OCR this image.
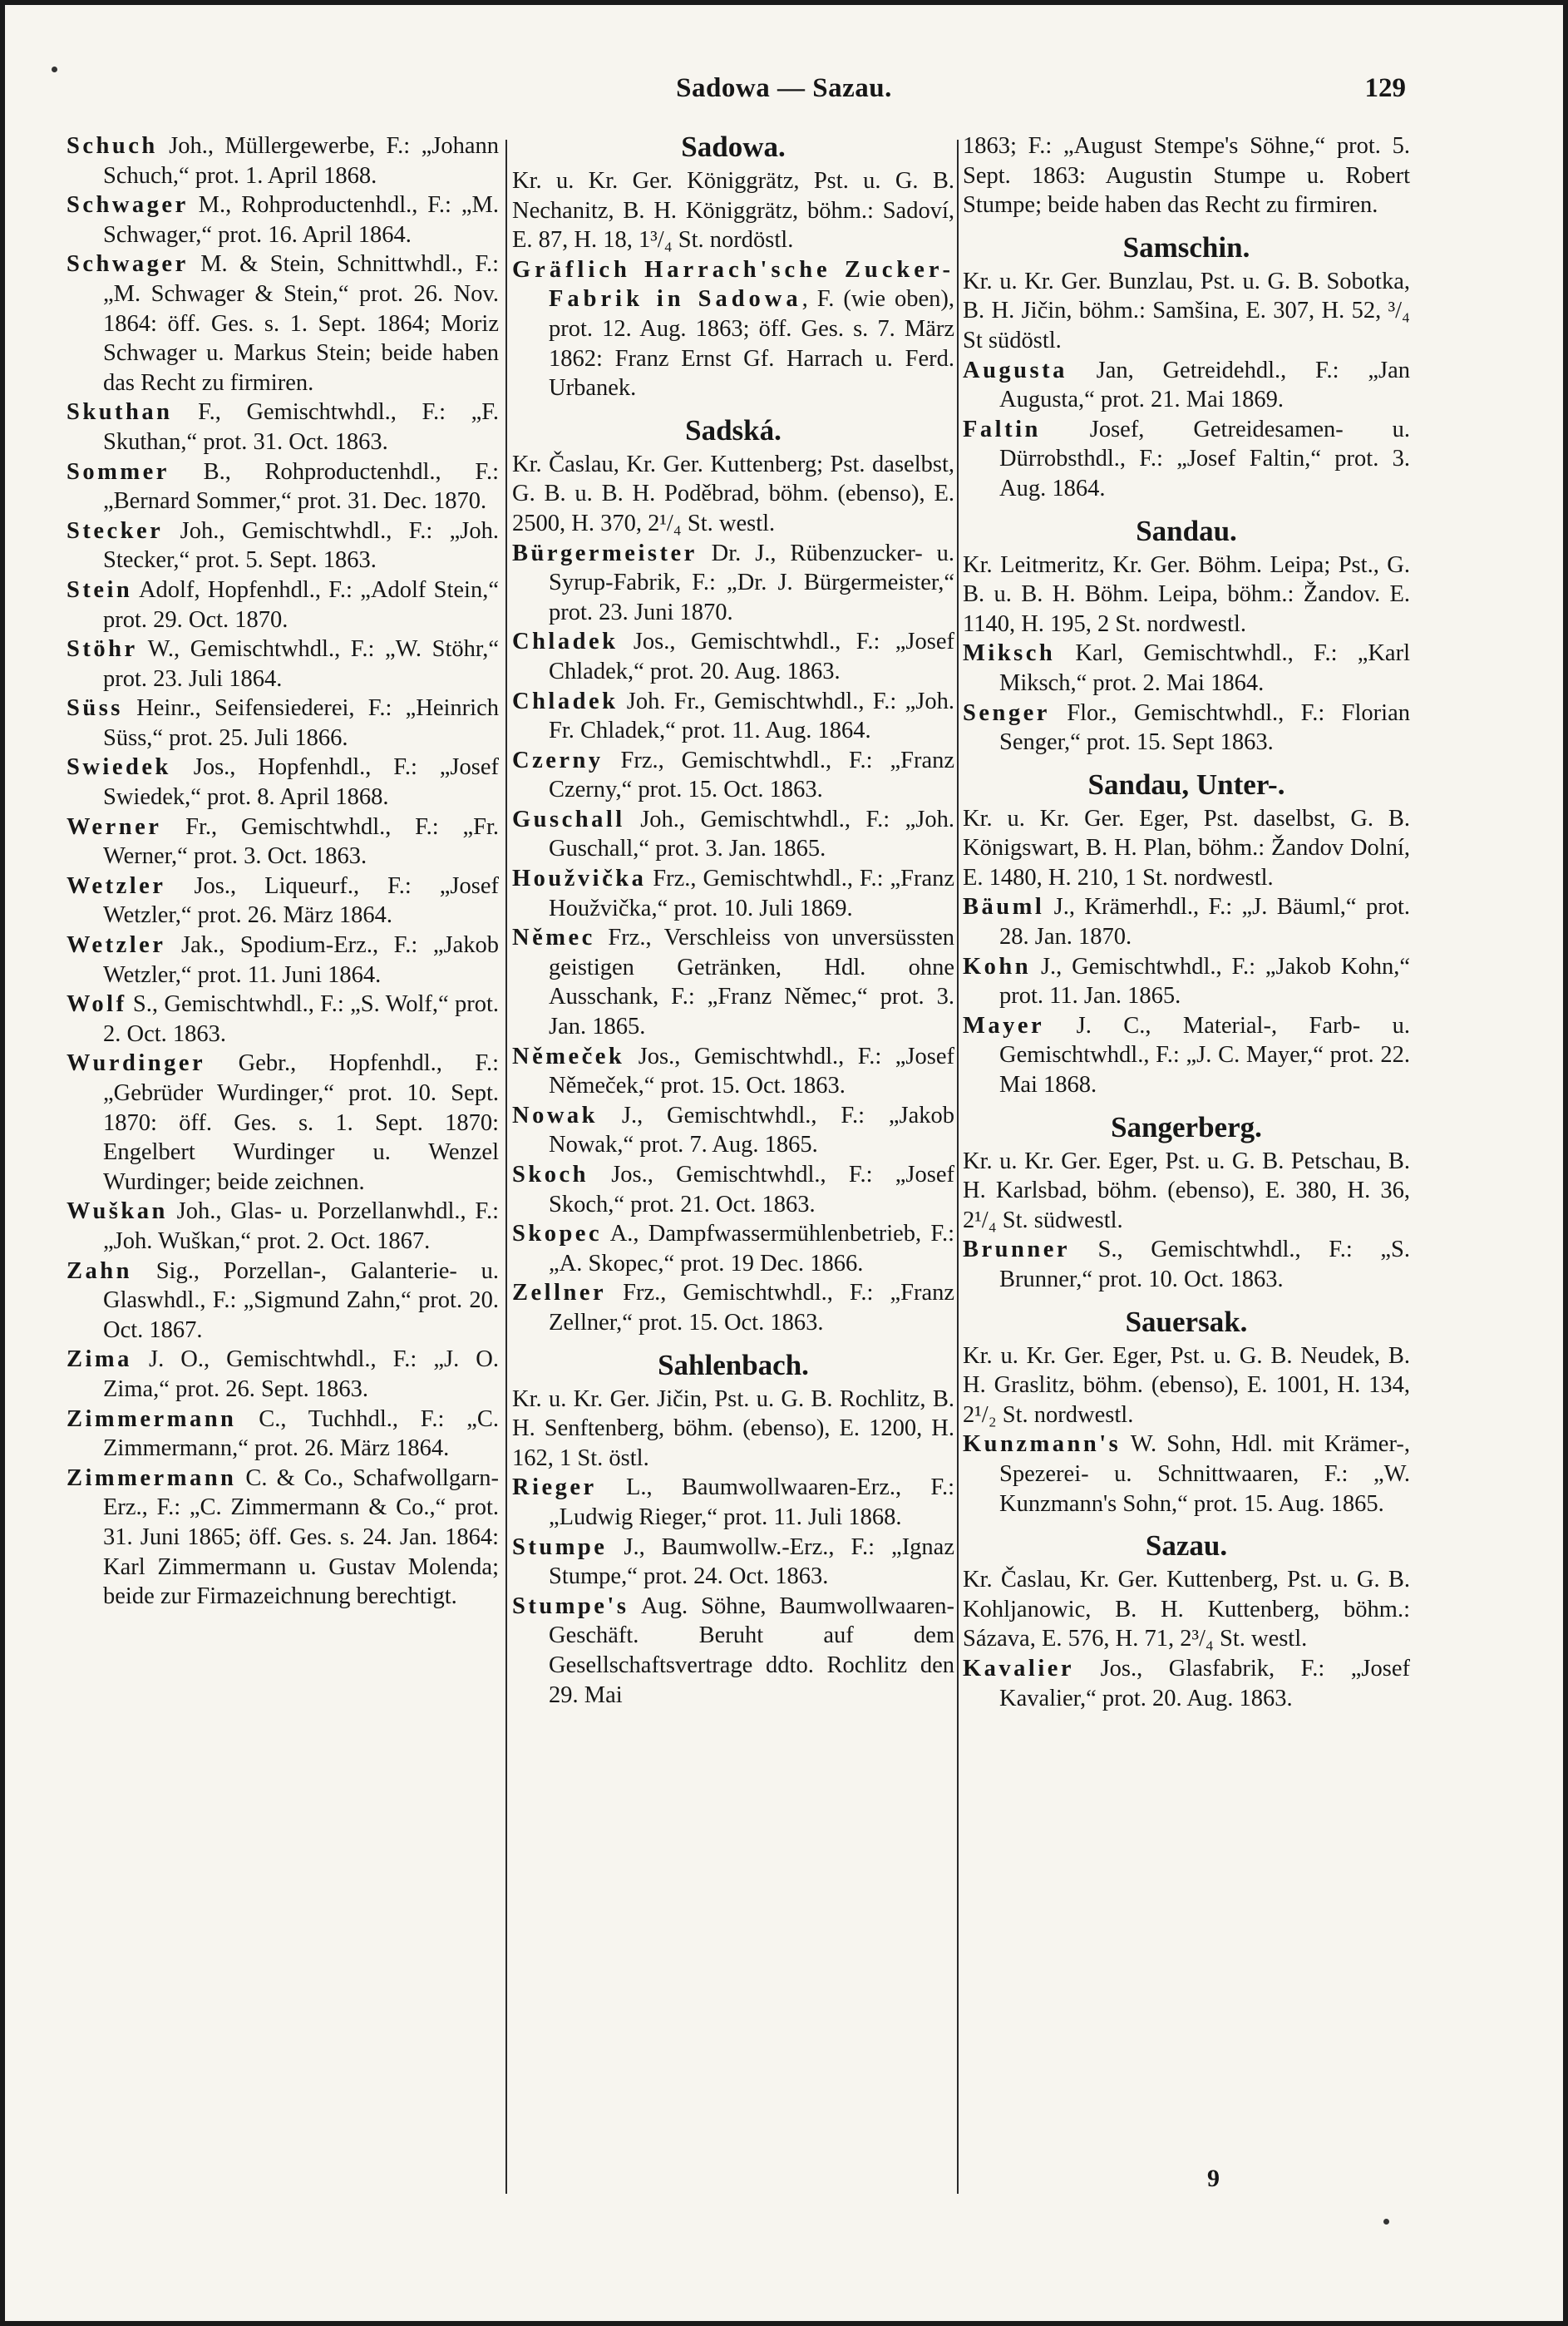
Sadowa — Sazau.	129

Schuch Joh., Müllergewerbe, F.: „Johann Schuch,“ prot. 1. April 1868.

Schwager M., Rohproductenhdl., F.: „M. Schwager,“ prot. 16. April 1864.

Schwager M. & Stein, Schnittwhdl., F.: „M. Schwager & Stein,“ prot. 26. Nov. 1864: öff. Ges. s. 1. Sept. 1864; Moriz Schwager u. Markus Stein; beide haben das Recht zu firmiren.

Skuthan F., Gemischtwhdl., F.: „F. Skuthan,“ prot. 31. Oct. 1863.

Sommer B., Rohproductenhdl., F.: „Bernard Sommer,“ prot. 31. Dec. 1870.

Stecker Joh., Gemischtwhdl., F.: „Joh. Stecker,“ prot. 5. Sept. 1863.

Stein Adolf, Hopfenhdl., F.: „Adolf Stein,“ prot. 29. Oct. 1870.

Stöhr W., Gemischtwhdl., F.: „W. Stöhr,“ prot. 23. Juli 1864.

Süss Heinr., Seifensiederei, F.: „Heinrich Süss,“ prot. 25. Juli 1866.

Swiedek Jos., Hopfenhdl., F.: „Josef Swiedek,“ prot. 8. April 1868.

Werner Fr., Gemischtwhdl., F.: „Fr. Werner,“ prot. 3. Oct. 1863.

Wetzler Jos., Liqueurf., F.: „Josef Wetzler,“ prot. 26. März 1864.

Wetzler Jak., Spodium-Erz., F.: „Jakob Wetzler,“ prot. 11. Juni 1864.

Wolf S., Gemischtwhdl., F.: „S. Wolf,“ prot. 2. Oct. 1863.

Wurdinger Gebr., Hopfenhdl., F.: „Gebrüder Wurdinger,“ prot. 10. Sept. 1870: öff. Ges. s. 1. Sept. 1870: Engelbert Wurdinger u. Wenzel Wurdinger; beide zeichnen.

Wuškan Joh., Glas- u. Porzellanwhdl., F.: „Joh. Wuškan,“ prot. 2. Oct. 1867.

Zahn Sig., Porzellan-, Galanterie- u. Glaswhdl., F.: „Sigmund Zahn,“ prot. 20. Oct. 1867.

Zima J. O., Gemischtwhdl., F.: „J. O. Zima,“ prot. 26. Sept. 1863.

Zimmermann C., Tuchhdl., F.: „C. Zimmermann,“ prot. 26. März 1864.

Zimmermann C. & Co., Schafwollgarn-Erz., F.: „C. Zimmermann & Co.,“ prot. 31. Juni 1865; öff. Ges. s. 24. Jan. 1864: Karl Zimmermann u. Gustav Molenda; beide zur Firmazeichnung berechtigt.

Sadowa.

Kr. u. Kr. Ger. Königgrätz, Pst. u. G. B. Nechanitz, B. H. Königgrätz, böhm.: Sadoví, E. 87, H. 18, 1³/₄ St. nordöstl.

Gräflich Harrach'sche Zucker-Fabrik in Sadowa, F. (wie oben), prot. 12. Aug. 1863; öff. Ges. s. 7. März 1862: Franz Ernst Gf. Harrach u. Ferd. Urbanek.

Sadská.

Kr. Časlau, Kr. Ger. Kuttenberg; Pst. daselbst, G. B. u. B. H. Poděbrad, böhm. (ebenso), E. 2500, H. 370, 2¹/₄ St. westl.

Bürgermeister Dr. J., Rübenzucker- u. Syrup-Fabrik, F.: „Dr. J. Bürgermeister,“ prot. 23. Juni 1870.

Chladek Jos., Gemischtwhdl., F.: „Josef Chladek,“ prot. 20. Aug. 1863.

Chladek Joh. Fr., Gemischtwhdl., F.: „Joh. Fr. Chladek,“ prot. 11. Aug. 1864.

Czerny Frz., Gemischtwhdl., F.: „Franz Czerny,“ prot. 15. Oct. 1863.

Guschall Joh., Gemischtwhdl., F.: „Joh. Guschall,“ prot. 3. Jan. 1865.

Houžvička Frz., Gemischtwhdl., F.: „Franz Houžvička,“ prot. 10. Juli 1869.

Němec Frz., Verschleiss von unversüssten geistigen Getränken, Hdl. ohne Ausschank, F.: „Franz Němec,“ prot. 3. Jan. 1865.

Němeček Jos., Gemischtwhdl., F.: „Josef Němeček,“ prot. 15. Oct. 1863.

Nowak J., Gemischtwhdl., F.: „Jakob Nowak,“ prot. 7. Aug. 1865.

Skoch Jos., Gemischtwhdl., F.: „Josef Skoch,“ prot. 21. Oct. 1863.

Skopec A., Dampfwassermühlenbetrieb, F.: „A. Skopec,“ prot. 19 Dec. 1866.

Zellner Frz., Gemischtwhdl., F.: „Franz Zellner,“ prot. 15. Oct. 1863.

Sahlenbach.

Kr. u. Kr. Ger. Jičin, Pst. u. G. B. Rochlitz, B. H. Senftenberg, böhm. (ebenso), E. 1200, H. 162, 1 St. östl.

Rieger L., Baumwollwaaren-Erz., F.: „Ludwig Rieger,“ prot. 11. Juli 1868.

Stumpe J., Baumwollw.-Erz., F.: „Ignaz Stumpe,“ prot. 24. Oct. 1863.

Stumpe's Aug. Söhne, Baumwollwaaren-Geschäft. Beruht auf dem Gesellschaftsvertrage ddto. Rochlitz den 29. Mai

1863; F.: „August Stempe's Söhne,“ prot. 5. Sept. 1863: Augustin Stumpe u. Robert Stumpe; beide haben das Recht zu firmiren.

Samschin.

Kr. u. Kr. Ger. Bunzlau, Pst. u. G. B. Sobotka, B. H. Jičin, böhm.: Samšina, E. 307, H. 52, ³/₄ St südöstl.

Augusta Jan, Getreidehdl., F.: „Jan Augusta,“ prot. 21. Mai 1869.

Faltin Josef, Getreidesamen- u. Dürrobsthdl., F.: „Josef Faltin,“ prot. 3. Aug. 1864.

Sandau.

Kr. Leitmeritz, Kr. Ger. Böhm. Leipa; Pst., G. B. u. B. H. Böhm. Leipa, böhm.: Žandov. E. 1140, H. 195, 2 St. nordwestl.

Miksch Karl, Gemischtwhdl., F.: „Karl Miksch,“ prot. 2. Mai 1864.

Senger Flor., Gemischtwhdl., F.: Florian Senger,“ prot. 15. Sept 1863.

Sandau, Unter-.

Kr. u. Kr. Ger. Eger, Pst. daselbst, G. B. Königswart, B. H. Plan, böhm.: Žandov Dolní, E. 1480, H. 210, 1 St. nordwestl.

Bäuml J., Krämerhdl., F.: „J. Bäuml,“ prot. 28. Jan. 1870.

Kohn J., Gemischtwhdl., F.: „Jakob Kohn,“ prot. 11. Jan. 1865.

Mayer J. C., Material-, Farb- u. Gemischtwhdl., F.: „J. C. Mayer,“ prot. 22. Mai 1868.

Sangerberg.

Kr. u. Kr. Ger. Eger, Pst. u. G. B. Petschau, B. H. Karlsbad, böhm. (ebenso), E. 380, H. 36, 2¹/₄ St. südwestl.

Brunner S., Gemischtwhdl., F.: „S. Brunner,“ prot. 10. Oct. 1863.

Sauersak.

Kr. u. Kr. Ger. Eger, Pst. u. G. B. Neudek, B. H. Graslitz, böhm. (ebenso), E. 1001, H. 134, 2¹/₂ St. nordwestl.

Kunzmann's W. Sohn, Hdl. mit Krämer-, Spezerei- u. Schnittwaaren, F.: „W. Kunzmann's Sohn,“ prot. 15. Aug. 1865.

Sazau.

Kr. Časlau, Kr. Ger. Kuttenberg, Pst. u. G. B. Kohljanowic, B. H. Kuttenberg, böhm.: Sázava, E. 576, H. 71, 2³/₄ St. westl.

Kavalier Jos., Glasfabrik, F.: „Josef Kavalier,“ prot. 20. Aug. 1863.

9
